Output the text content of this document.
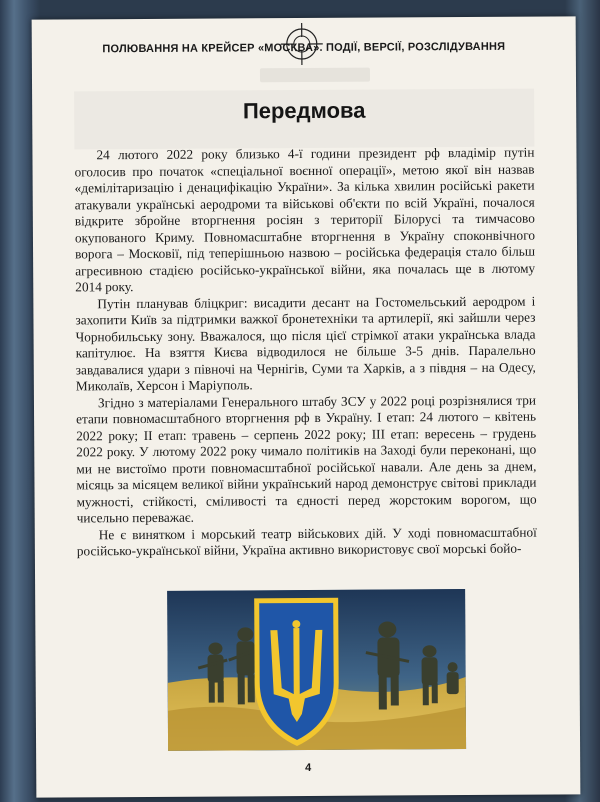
ПОЛЮВАННЯ НА КРЕЙСЕР «МОСКВА». ПОДІЇ, ВЕРСІЇ, РОЗСЛІДУВАННЯ
Передмова

24 лютого 2022 року близько 4-ї години президент рф владімір путін оголосив про початок «спеціальної воєнної операції», метою якої він назвав «демілітаризацію і денацифікацію України». За кілька хвилин російські ракети атакували українські аеродроми та військові об'єкти по всій Україні, почалося відкрите збройне вторгнення росіян з території Білорусі та тимчасово окупованого Криму. Повномасштабне вторгнення в Україну споконвічного ворога – Московії, під теперішньою назвою – російська федерація стало більш агресивною стадією російсько-української війни, яка почалась ще в лютому 2014 року.

Путін планував бліцкриг: висадити десант на Гостомельський аеродром і захопити Київ за підтримки важкої бронетехніки та артилерії, які зайшли через Чорнобильську зону. Вважалося, що після цієї стрімкої атаки українська влада капітулює. На взяття Києва відводилося не більше 3-5 днів. Паралельно завдавалися удари з півночі на Чернігів, Суми та Харків, а з півдня – на Одесу, Миколаїв, Херсон і Маріуполь.

Згідно з матеріалами Генерального штабу ЗСУ у 2022 році розрізнялися три етапи повномасштабного вторгнення рф в Україну. I етап: 24 лютого – квітень 2022 року; II етап: травень – серпень 2022 року; III етап: вересень – грудень 2022 року. У лютому 2022 року чимало політиків на Заході були переконані, що ми не вистоїмо проти повномасштабної російської навали. Але день за днем, місяць за місяцем великої війни український народ демонструє світові приклади мужності, стійкості, сміливості та єдності перед жорстоким ворогом, що чисельно переважає.

Не є винятком і морський театр військових дій. У ході повномасштабної російсько-української війни, Україна активно використовує свої морські бойо-

4
